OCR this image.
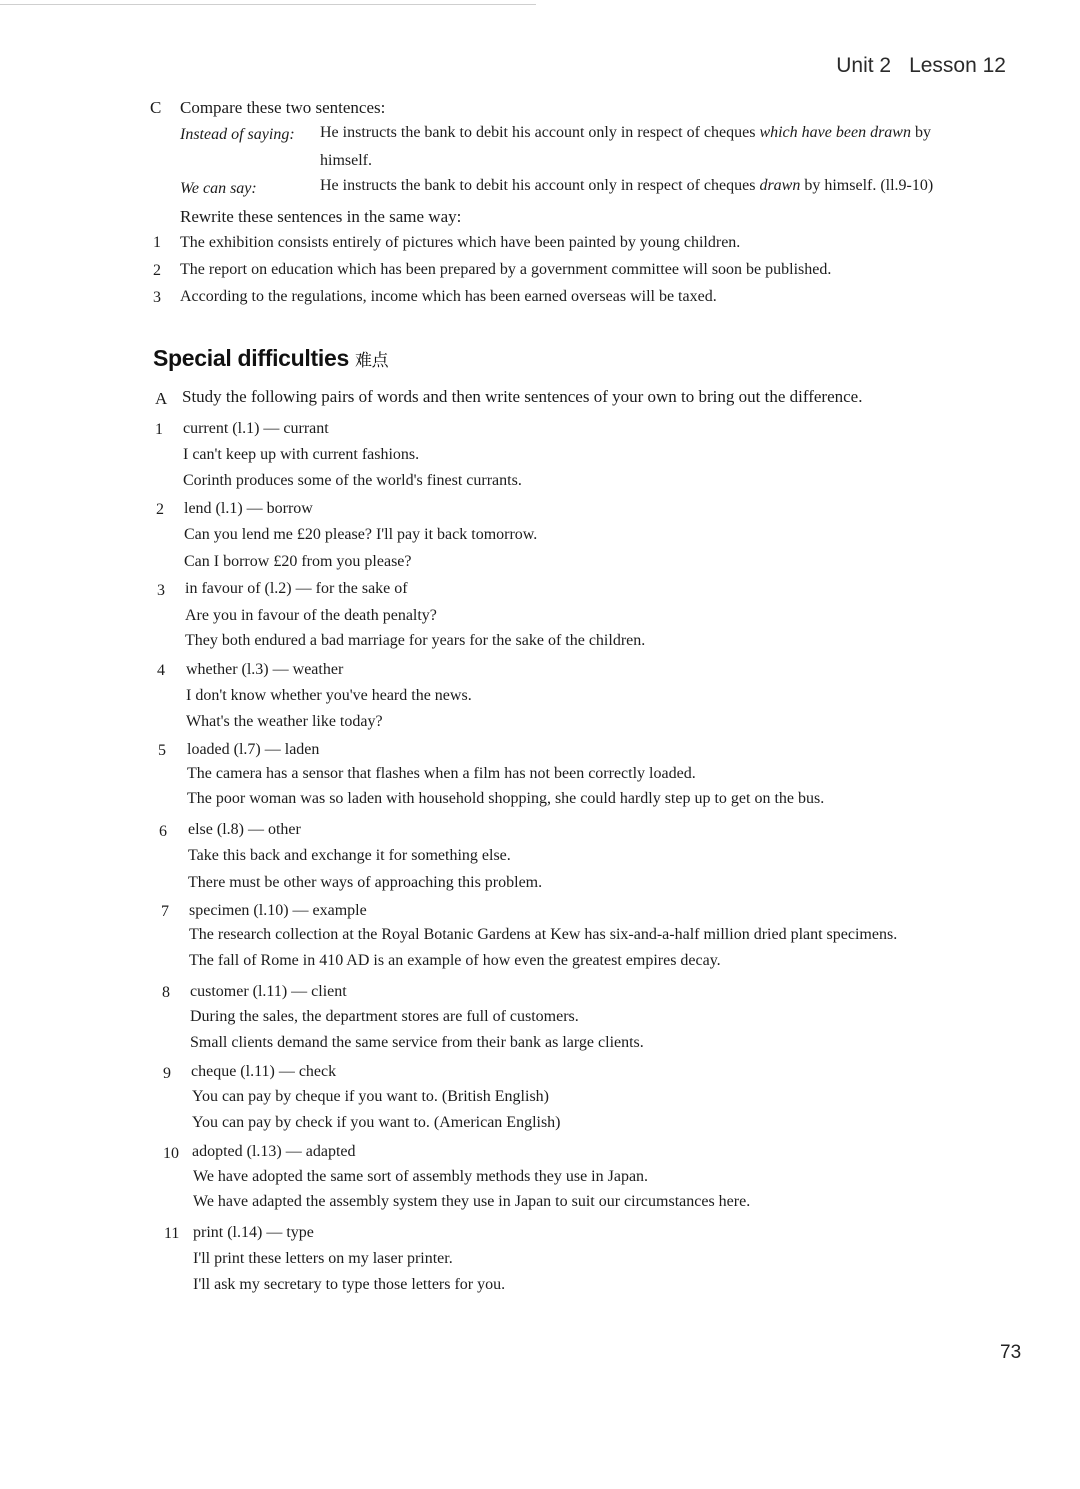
Unit 2 Lesson 12
C Compare these two sentences:
Instead of saying: He instructs the bank to debit his account only in respect of cheques which have been drawn by
himself.
We can say:	He instructs the bank to debit his account only in respect of cheques drawn by himself. (ll.9-10)
Rewrite these sentences in the same way:
1 The exhibition consists entirely of pictures which have been painted by young children.
2 The report on education which has been prepared by a government committee will soon be published.
3 According to the regulations, income which has been earned overseas will be taxed.
Special difficulties 难点
A Study the following pairs of words and then write sentences of your own to bring out the difference.
1 current (l.1) — currant
I can't keep up with current fashions.
Corinth produces some of the world's finest currants.
2 lend (l.1) — borrow
Can you lend me £20 please? I'll pay it back tomorrow.
Can I borrow £20 from you please?
3 in favour of (l.2) — for the sake of
Are you in favour of the death penalty?
They both endured a bad marriage for years for the sake of the children.
4 whether (l.3) — weather
I don't know whether you've heard the news.
What's the weather like today?
5 loaded (l.7) — laden
The camera has a sensor that flashes when a film has not been correctly loaded.
The poor woman was so laden with household shopping, she could hardly step up to get on the bus.
6 else (l.8) — other
Take this back and exchange it for something else.
There must be other ways of approaching this problem.
7 specimen (l.10) — example
The research collection at the Royal Botanic Gardens at Kew has six-and-a-half million dried plant specimens.
The fall of Rome in 410 AD is an example of how even the greatest empires decay.
8 customer (l.11) — client
During the sales, the department stores are full of customers.
Small clients demand the same service from their bank as large clients.
9 cheque (l.11) — check
You can pay by cheque if you want to. (British English)
You can pay by check if you want to. (American English)
10 adopted (l.13) — adapted
We have adopted the same sort of assembly methods they use in Japan.
We have adapted the assembly system they use in Japan to suit our circumstances here.
11 print (l.14) — type
I'll print these letters on my laser printer.
I'll ask my secretary to type those letters for you.
73
